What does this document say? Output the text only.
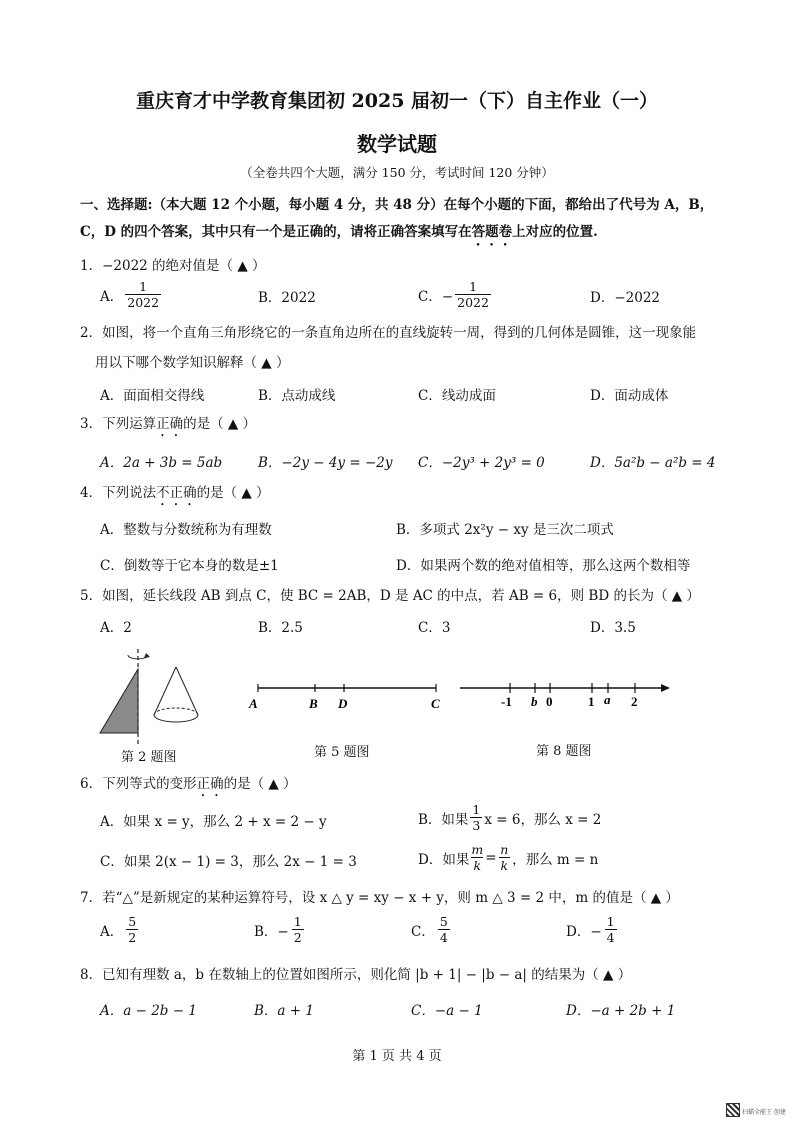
重庆育才中学教育集团初 2025 届初一（下）自主作业（一）
数学试题
（全卷共四个大题，满分 150 分，考试时间 120 分钟）
一、选择题:（本大题 12 个小题，每小题 4 分，共 48 分）在每个小题的下面，都给出了代号为 A，B，
C，D 的四个答案，其中只有一个是正确的，请将正确答案填写在答题卷上对应的位置.
1．−2022 的绝对值是（ ▲ ）
A． $\frac{1}{2022}$	B．2022	C．− $\frac{1}{2022}$	D．−2022
2．如图，将一个直角三角形绕它的一条直角边所在的直线旋转一周，得到的几何体是圆锥，这一现象能
用以下哪个数学知识解释（ ▲ ）
A．面面相交得线	B．点动成线	C．线动成面	D．面动成体
3．下列运算正确的是（ ▲ ）
A．2a + 3b = 5ab	B．−2y − 4y = −2y C．−2y³ + 2y³ = 0	D．5a²b − a²b = 4
4．下列说法不正确的是（ ▲ ）
A．整数与分数统称为有理数	B．多项式 2x²y − xy 是三次二项式
C．倒数等于它本身的数是±1	D．如果两个数的绝对值相等，那么这两个数相等
5．如图，延长线段 AB 到点 C，使 BC = 2AB，D 是 AC 的中点，若 AB = 6，则 BD 的长为（ ▲ ）
A．2	B．2.5	C．3	D．3.5
第 2 题图
A	B D	C
第 5 题图
-1 b 0	1 a 2
第 8 题图
6．下列等式的变形正确的是（ ▲ ）
A．如果 x = y，那么 2 + x = 2 − y	B．如果 $\frac{1}{3}$ x = 6，那么 x = 2
C．如果 2(x − 1) = 3，那么 2x − 1 = 3	D．如果 $\frac{m}{k} = \frac{n}{k}$ ，那么 m = n
7．若“△”是新规定的某种运算符号，设 x △ y = xy − x + y，则 m △ 3 = 2 中，m 的值是（ ▲ ）
A． $\frac{5}{2}$	B．− $\frac{1}{2}$	C． $\frac{5}{4}$	D．− $\frac{1}{4}$
8．已知有理数 a，b 在数轴上的位置如图所示，则化简 |b + 1| − |b − a| 的结果为（ ▲ ）
A．a − 2b − 1	B．a + 1	C．−a − 1	D．−a + 2b + 1
第 1 页 共 4 页
扫描全能王 创建
